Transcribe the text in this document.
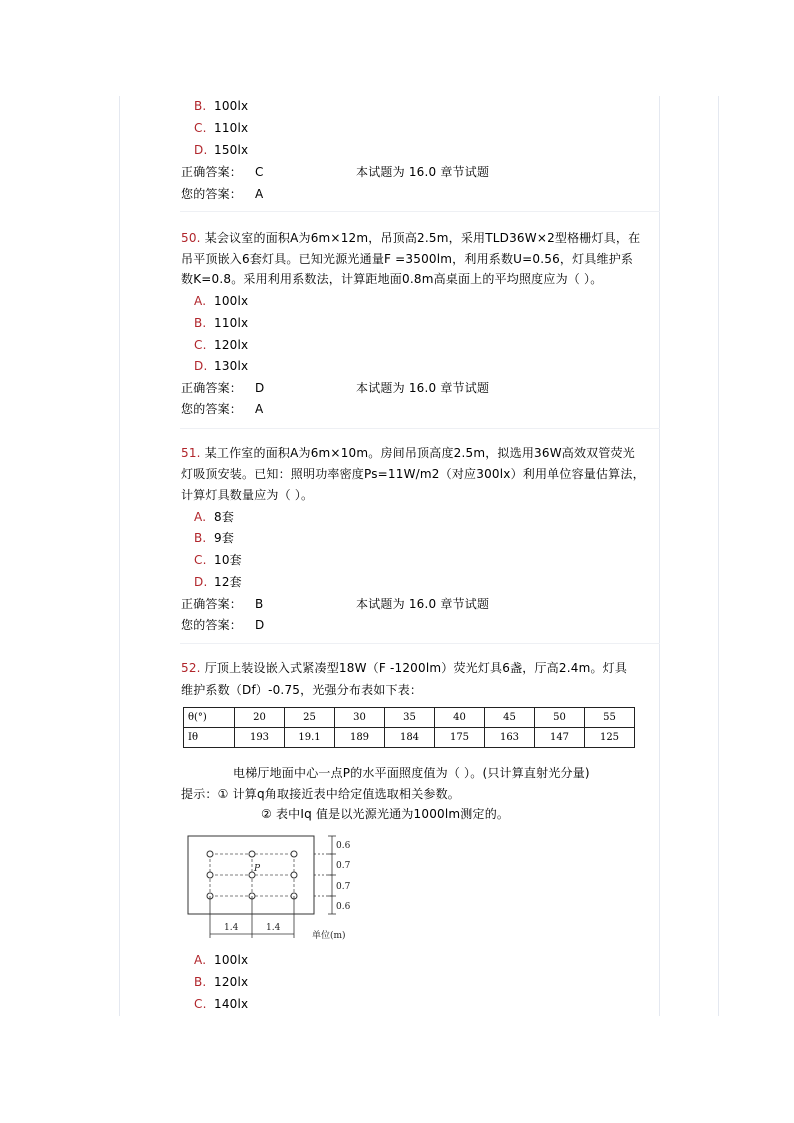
B. 100lx
C. 110lx
D. 150lx
正确答案： C	本试题为 16.0 章节试题
您的答案： A
50. 某会议室的面积A为6m×12m，吊顶高2.5m，采用TLD36W×2型格栅灯具，在
吊平顶嵌入6套灯具。已知光源光通量F =3500lm，利用系数U=0.56，灯具维护系
数K=0.8。采用利用系数法，计算距地面0.8m高桌面上的平均照度应为（ ）。
A. 100lx
B. 110lx
C. 120lx
D. 130lx
正确答案： D	本试题为 16.0 章节试题
您的答案： A
51. 某工作室的面积A为6m×10m。房间吊顶高度2.5m，拟选用36W高效双管荧光
灯吸顶安装。已知：照明功率密度Ps=11W/m2（对应300lx）利用单位容量估算法，
计算灯具数量应为（ ）。
A. 8套
B. 9套
C. 10套
D. 12套
正确答案： B	本试题为 16.0 章节试题
您的答案： D
52. 厅顶上装设嵌入式紧凑型18W（F -1200lm）荧光灯具6盏，厅高2.4m。灯具
维护系数（Df）-0.75，光强分布表如下表：
θ(°)	20	25	30	35	40	45	50	55
Iθ	193	19.1	189	184	175	163	147	125
电梯厅地面中心一点P的水平面照度值为（ ）。(只计算直射光分量)
提示：① 计算q角取接近表中给定值选取相关参数。
② 表中Iq 值是以光源光通为1000lm测定的。
P
0.6
0.7
0.7
0.6
1.4	1.4
单位(m)
A. 100lx
B. 120lx
C. 140lx
